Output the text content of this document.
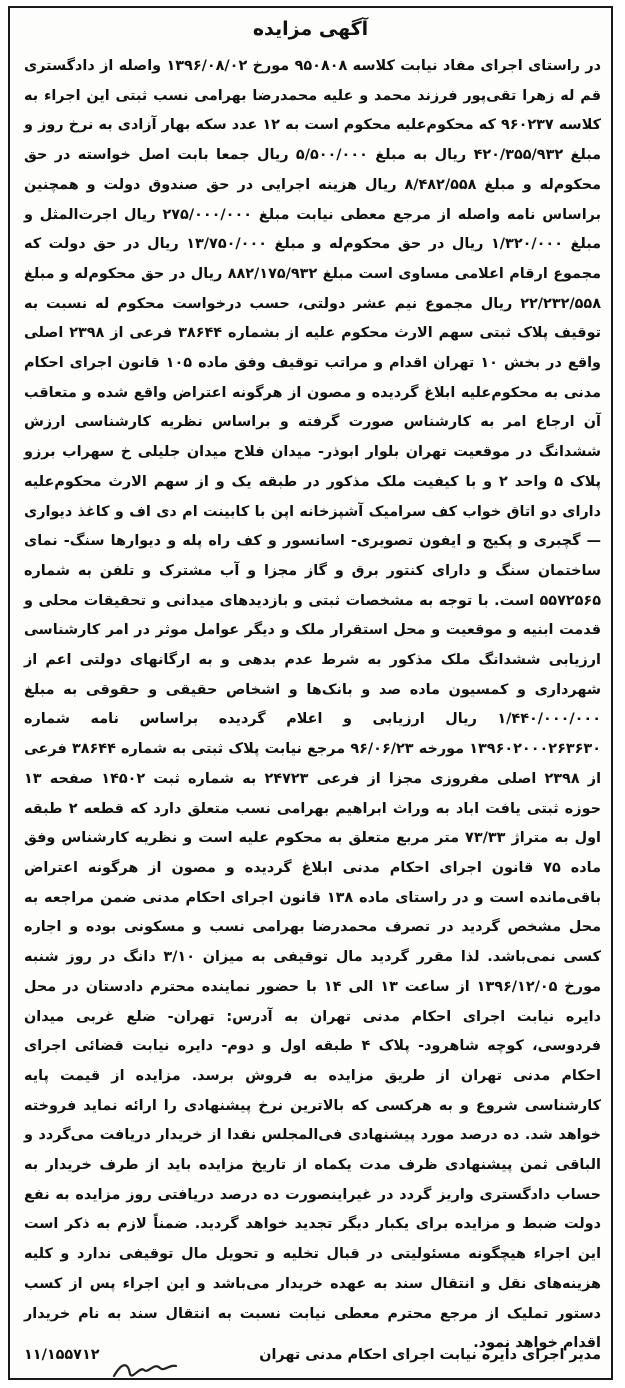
آگهی مزایده

در راستای اجرای مفاد نیابت کلاسه ۹۵۰۸۰۸ مورخ ۱۳۹۶/۰۸/۰۲ واصله از دادگستری قم له زهرا تقی‌پور فرزند محمد و علیه محمدرضا بهرامی نسب ثبتی این اجراء به کلاسه ۹۶۰۲۳۷ که محکوم‌علیه محکوم است به ۱۲ عدد سکه بهار آزادی به نرخ روز و مبلغ ۴۲۰/۳۵۵/۹۳۲ ریال به مبلغ ۵/۵۰۰/۰۰۰ ریال جمعا بابت اصل خواسته در حق محکوم‌له و مبلغ ۸/۴۸۲/۵۵۸ ریال هزینه اجرایی در حق صندوق دولت و همچنین براساس نامه واصله از مرجع معطی نیابت مبلغ ۲۷۵/۰۰۰/۰۰۰ ریال اجرت‌المثل و مبلغ ۱/۳۲۰/۰۰۰ ریال در حق محکوم‌له و مبلغ ۱۳/۷۵۰/۰۰۰ ریال در حق دولت که مجموع ارقام اعلامی مساوی است مبلغ ۸۸۲/۱۷۵/۹۳۲ ریال در حق محکوم‌له و مبلغ ۲۲/۲۳۲/۵۵۸ ریال مجموع نیم عشر دولتی، حسب درخواست محکوم له نسبت به توقیف پلاک ثبتی سهم الارث محکوم علیه از بشماره ۳۸۶۴۴ فرعی از ۲۳۹۸ اصلی واقع در بخش ۱۰ تهران اقدام و مراتب توقیف وفق ماده ۱۰۵ قانون اجرای احکام مدنی به محکوم‌علیه ابلاغ گردیده و مصون از هرگونه اعتراض واقع شده و متعاقب آن ارجاع امر به کارشناس صورت گرفته و براساس نظریه کارشناسی ارزش ششدانگ در موقعیت تهران بلوار ابوذر- میدان فلاح میدان جلیلی خ سهراب برزو پلاک ۵ واحد ۲ و با کیفیت ملک مذکور در طبقه یک و از سهم الارث محکوم‌علیه دارای دو اتاق خواب کف سرامیک آشپزخانه اپن با کابینت ام دی اف و کاغذ دیواری — گچبری و پکیج و ایفون تصویری- اسانسور و کف راه پله و دیوارها سنگ- نمای ساختمان سنگ و دارای کنتور برق و گاز مجزا و آب مشترک و تلفن به شماره ۵۵۷۲۵۶۵ است. با توجه به مشخصات ثبتی و بازدیدهای میدانی و تحقیقات محلی و قدمت ابنیه و موقعیت و محل استقرار ملک و دیگر عوامل موثر در امر کارشناسی ارزیابی ششدانگ ملک مذکور به شرط عدم بدهی و به ارگانهای دولتی اعم از شهرداری و کمسیون ماده صد و بانک‌ها و اشخاص حقیقی و حقوقی به مبلغ ۱/۴۴۰/۰۰۰/۰۰۰ ریال ارزیابی و اعلام گردیده براساس نامه شماره ۱۳۹۶۰۲۰۰۰۲۶۳۶۳۰ مورخه ۹۶/۰۶/۲۳ مرجع نیابت پلاک ثبتی به شماره ۳۸۶۴۴ فرعی از ۲۳۹۸ اصلی مفروزی مجزا از فرعی ۲۴۷۲۳ به شماره ثبت ۱۴۵۰۲ صفحه ۱۳ حوزه ثبتی یافت اباد به وراث ابراهیم بهرامی نسب متعلق دارد که قطعه ۲ طبقه اول به متراژ ۷۳/۳۳ متر مربع متعلق به محکوم علیه است و نظریه کارشناس وفق ماده ۷۵ قانون اجرای احکام مدنی ابلاغ گردیده و مصون از هرگونه اعتراض باقی‌مانده است و در راستای ماده ۱۳۸ قانون اجرای احکام مدنی ضمن مراجعه به محل مشخص گردید در تصرف محمدرضا بهرامی نسب و مسکونی بوده و اجاره کسی نمی‌باشد. لذا مقرر گردید مال توقیفی به میزان ۳/۱۰ دانگ در روز شنبه مورخ ۱۳۹۶/۱۲/۰۵ از ساعت ۱۳ الی ۱۴ با حضور نماینده محترم دادستان در محل دایره نیابت اجرای احکام مدنی تهران به آدرس: تهران- ضلع غربی میدان فردوسی، کوچه شاهرود- پلاک ۴ طبقه اول و دوم- دایره نیابت قضائی اجرای احکام مدنی تهران از طریق مزایده به فروش برسد. مزایده از قیمت پایه کارشناسی شروع و به هرکسی که بالاترین نرخ پیشنهادی را ارائه نماید فروخته خواهد شد. ده درصد مورد پیشنهادی فی‌المجلس نقدا از خریدار دریافت می‌گردد و الباقی ثمن پیشنهادی ظرف مدت یکماه از تاریخ مزایده باید از طرف خریدار به حساب دادگستری واریز گردد در غیراینصورت ده درصد دریافتی روز مزایده به نفع دولت ضبط و مزایده برای یکبار دیگر تجدید خواهد گردید. ضمناً لازم به ذکر است این اجراء هیچگونه مسئولیتی در قبال تخلیه و تحویل مال توقیفی ندارد و کلیه هزینه‌های نقل و انتقال سند به عهده خریدار می‌باشد و این اجراء پس از کسب دستور تملیک از مرجع محترم معطی نیابت نسبت به انتقال سند به نام خریدار اقدام خواهد نمود.

مدیر اجرای دایره نیابت اجرای احکام مدنی تهران
۱۱/۱۵۵۷۱۲
